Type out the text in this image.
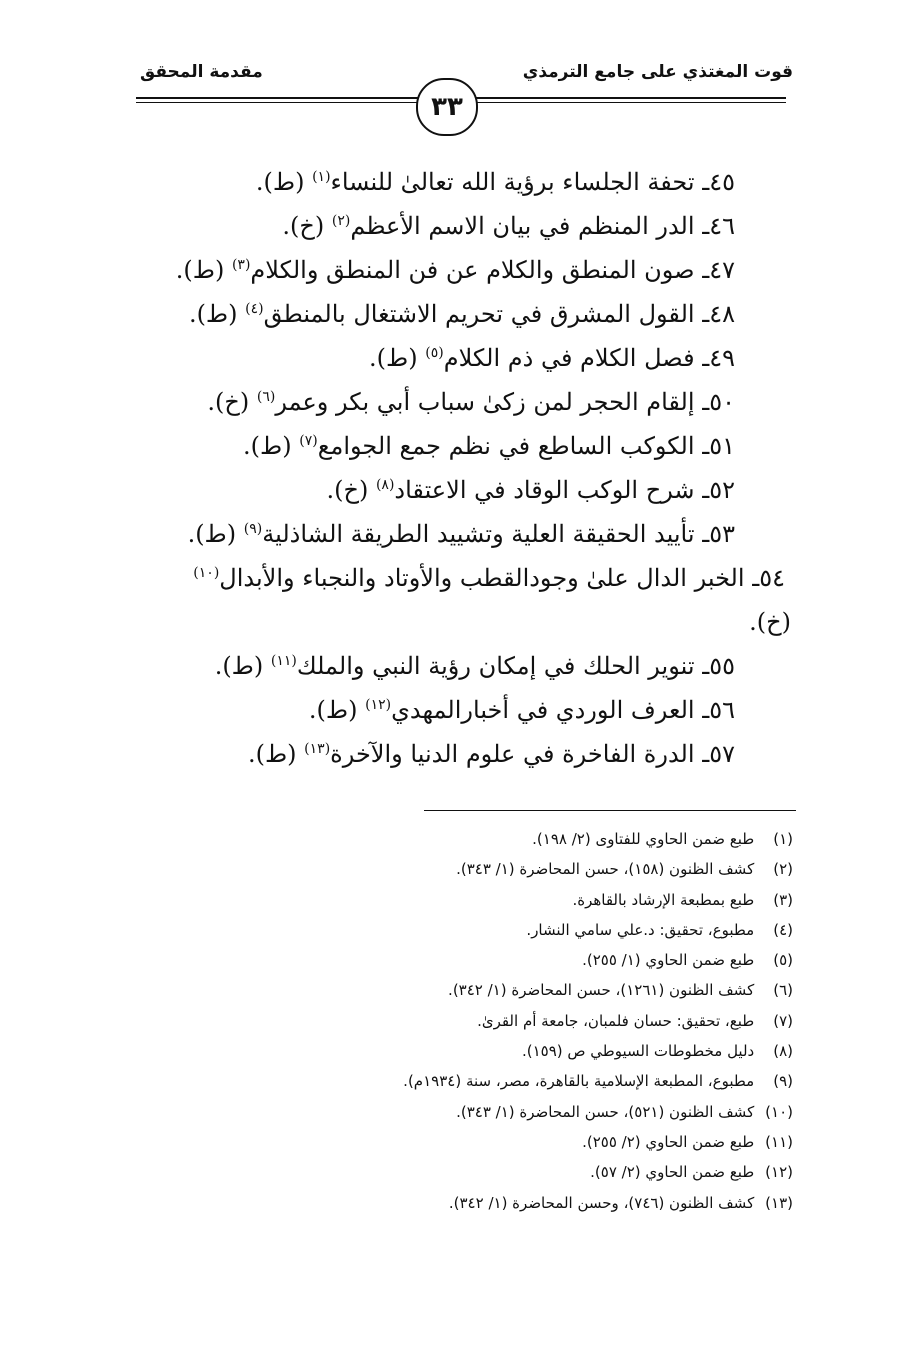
قوت المغتذي على جامع الترمذي
مقدمة المحقق
٣٣
٤٥ـ تحفة الجلساء برؤية الله تعالىٰ للنساء$^{(١)}$ (ط).
٤٦ـ الدر المنظم في بيان الاسم الأعظم$^{(٢)}$ (خ).
٤٧ـ صون المنطق والكلام عن فن المنطق والكلام$^{(٣)}$ (ط).
٤٨ـ القول المشرق في تحريم الاشتغال بالمنطق$^{(٤)}$ (ط).
٤٩ـ فصل الكلام في ذم الكلام$^{(٥)}$ (ط).
٥٠ـ إلقام الحجر لمن زكىٰ سباب أبي بكر وعمر$^{(٦)}$ (خ).
٥١ـ الكوكب الساطع في نظم جمع الجوامع$^{(٧)}$ (ط).
٥٢ـ شرح الوكب الوقاد في الاعتقاد$^{(٨)}$ (خ).
٥٣ـ تأييد الحقيقة العلية وتشييد الطريقة الشاذلية$^{(٩)}$ (ط).
٥٤ـ الخبر الدال علىٰ وجودالقطب والأوتاد والنجباء والأبدال$^{(١٠)}$
(خ).
٥٥ـ تنوير الحلك في إمكان رؤية النبي والملك$^{(١١)}$ (ط).
٥٦ـ العرف الوردي في أخبارالمهدي$^{(١٢)}$ (ط).
٥٧ـ الدرة الفاخرة في علوم الدنيا والآخرة$^{(١٣)}$ (ط).
(١) طبع ضمن الحاوي للفتاوى (٢/ ١٩٨).
(٢) كشف الظنون (١٥٨)، حسن المحاضرة (١/ ٣٤٣).
(٣) طبع بمطبعة الإرشاد بالقاهرة.
(٤) مطبوع، تحقيق: د.علي سامي النشار.
(٥) طبع ضمن الحاوي (١/ ٢٥٥).
(٦) كشف الظنون (١٢٦١)، حسن المحاضرة (١/ ٣٤٢).
(٧) طبع، تحقيق: حسان فلمبان، جامعة أم القرىٰ.
(٨) دليل مخطوطات السيوطي ص (١٥٩).
(٩) مطبوع، المطبعة الإسلامية بالقاهرة، مصر، سنة (١٩٣٤م).
(١٠) كشف الظنون (٥٢١)، حسن المحاضرة (١/ ٣٤٣).
(١١) طبع ضمن الحاوي (٢/ ٢٥٥).
(١٢) طبع ضمن الحاوي (٢/ ٥٧).
(١٣) كشف الظنون (٧٤٦)، وحسن المحاضرة (١/ ٣٤٢).
